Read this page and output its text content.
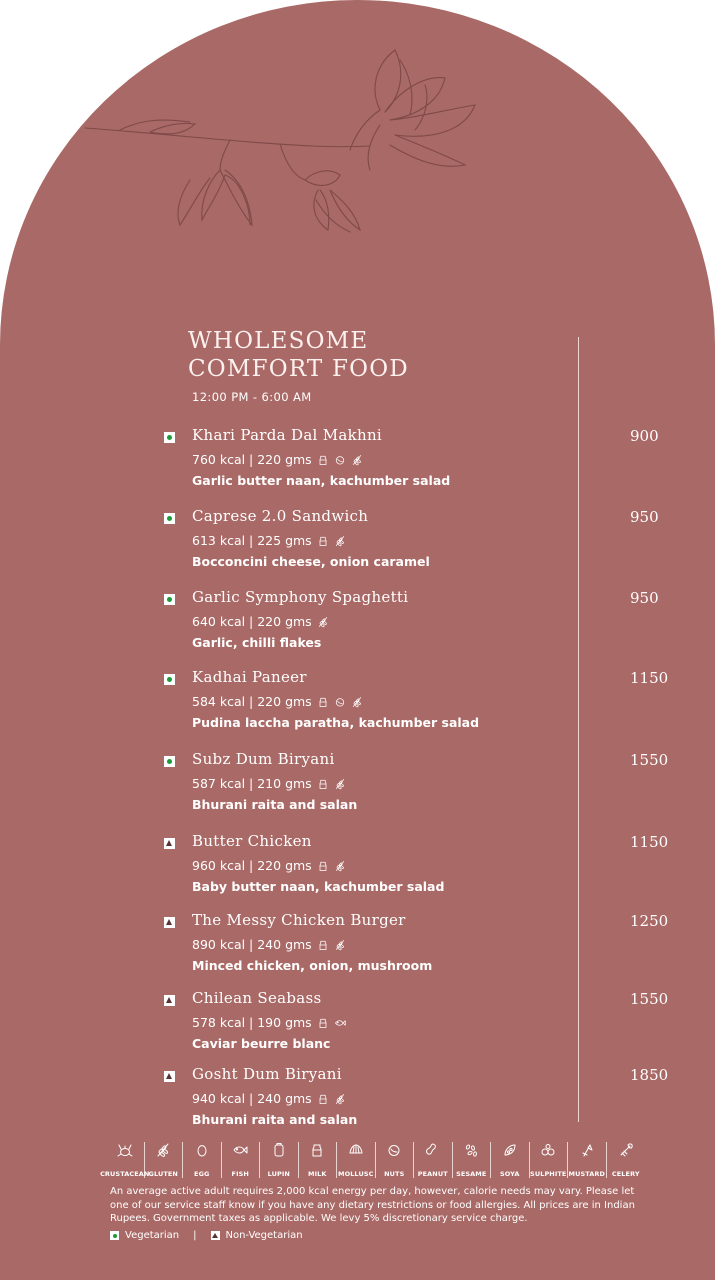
WHOLESOME
COMFORT FOOD
12:00 PM - 6:00 AM
Khari Parda Dal Makhni
760 kcal | 220 gms
Garlic butter naan, kachumber salad
900
Caprese 2.0 Sandwich
613 kcal | 225 gms
Bocconcini cheese, onion caramel
950
Garlic Symphony Spaghetti
640 kcal | 220 gms
Garlic, chilli flakes
950
Kadhai Paneer
584 kcal | 220 gms
Pudina laccha paratha, kachumber salad
1150
Subz Dum Biryani
587 kcal | 210 gms
Bhurani raita and salan
1550
Butter Chicken
960 kcal | 220 gms
Baby butter naan, kachumber salad
1150
The Messy Chicken Burger
890 kcal | 240 gms
Minced chicken, onion, mushroom
1250
Chilean Seabass
578 kcal | 190 gms
Caviar beurre blanc
1550
Gosht Dum Biryani
940 kcal | 240 gms
Bhurani raita and salan
1850
CRUSTACEAN GLUTEN EGG	FISH	LUPIN	MILK MOLLUSC NUTS PEANUT SESAME SOYA SULPHITE MUSTARD CELERY
An average active adult requires 2,000 kcal energy per day, however, calorie needs may vary. Please let one of our service staff know if you have any dietary restrictions or food allergies. All prices are in Indian Rupees. Government taxes as applicable. We levy 5% discretionary service charge.
Vegetarian |	Non-Vegetarian
